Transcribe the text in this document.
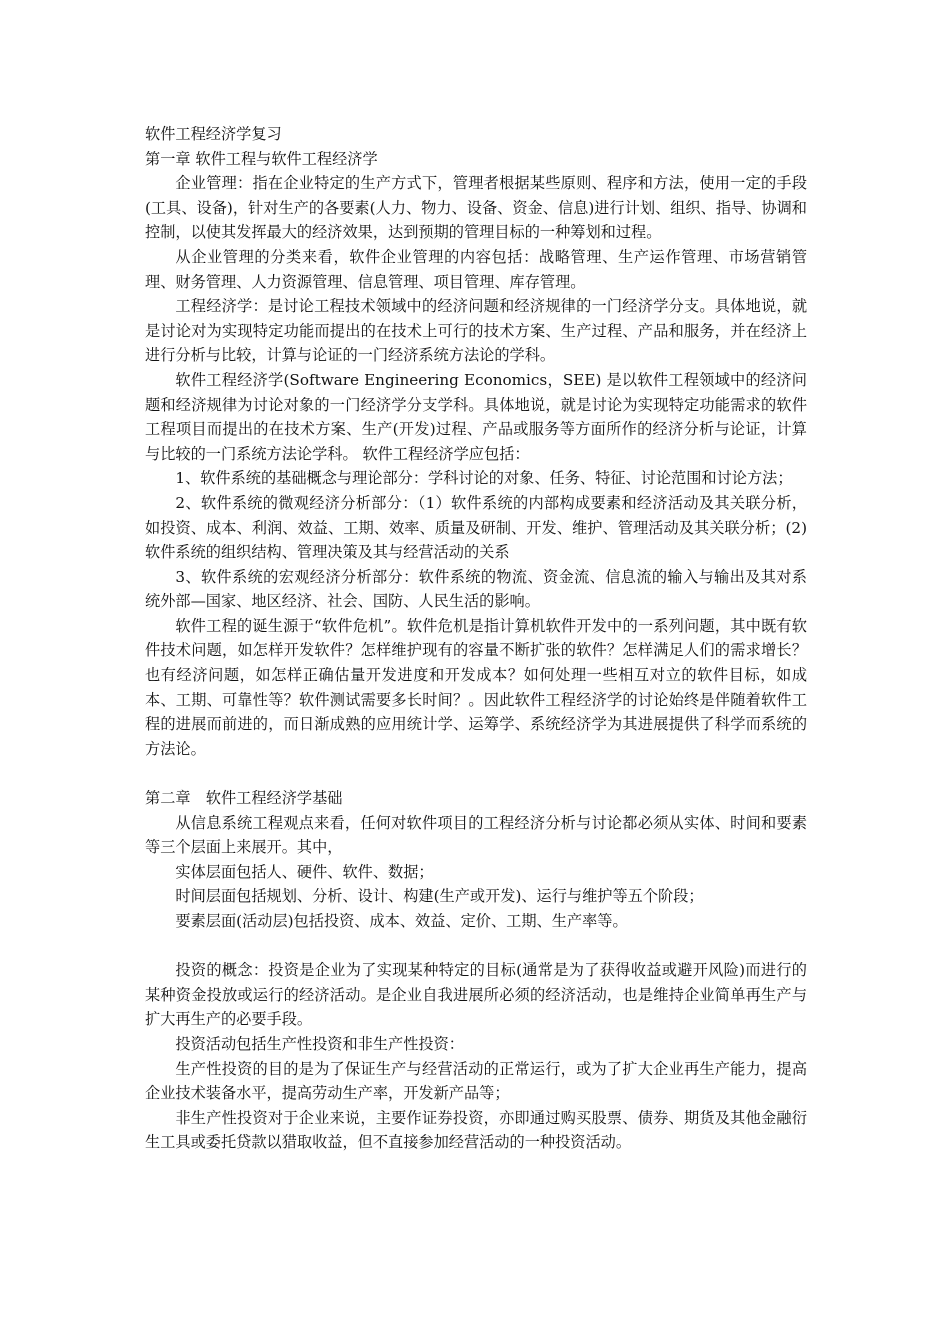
软件工程经济学复习

第一章 软件工程与软件工程经济学

企业管理：指在企业特定的生产方式下，管理者根据某些原则、程序和方法，使用一定的手段(工具、设备)，针对生产的各要素(人力、物力、设备、资金、信息)进行计划、组织、指导、协调和控制，以使其发挥最大的经济效果，达到预期的管理目标的一种筹划和过程。

从企业管理的分类来看，软件企业管理的内容包括：战略管理、生产运作管理、市场营销管理、财务管理、人力资源管理、信息管理、项目管理、库存管理。

工程经济学：是讨论工程技术领域中的经济问题和经济规律的一门经济学分支。具体地说，就是讨论对为实现特定功能而提出的在技术上可行的技术方案、生产过程、产品和服务，并在经济上进行分析与比较，计算与论证的一门经济系统方法论的学科。

软件工程经济学(Software Engineering Economics，SEE) 是以软件工程领域中的经济问题和经济规律为讨论对象的一门经济学分支学科。具体地说，就是讨论为实现特定功能需求的软件工程项目而提出的在技术方案、生产(开发)过程、产品或服务等方面所作的经济分析与论证，计算与比较的一门系统方法论学科。 软件工程经济学应包括：

1、软件系统的基础概念与理论部分：学科讨论的对象、任务、特征、讨论范围和讨论方法；

2、软件系统的微观经济分析部分：（1）软件系统的内部构成要素和经济活动及其关联分析，如投资、成本、利润、效益、工期、效率、质量及研制、开发、维护、管理活动及其关联分析；(2)软件系统的组织结构、管理决策及其与经营活动的关系

3、软件系统的宏观经济分析部分：软件系统的物流、资金流、信息流的输入与输出及其对系统外部—国家、地区经济、社会、国防、人民生活的影响。

软件工程的诞生源于“软件危机”。软件危机是指计算机软件开发中的一系列问题，其中既有软件技术问题，如怎样开发软件？怎样维护现有的容量不断扩张的软件？怎样满足人们的需求增长？也有经济问题，如怎样正确估量开发进度和开发成本？如何处理一些相互对立的软件目标，如成本、工期、可靠性等？软件测试需要多长时间？。因此软件工程经济学的讨论始终是伴随着软件工程的进展而前进的，而日渐成熟的应用统计学、运筹学、系统经济学为其进展提供了科学而系统的方法论。

第二章　软件工程经济学基础

从信息系统工程观点来看，任何对软件项目的工程经济分析与讨论都必须从实体、时间和要素等三个层面上来展开。其中，

实体层面包括人、硬件、软件、数据；

时间层面包括规划、分析、设计、构建(生产或开发)、运行与维护等五个阶段；

要素层面(活动层)包括投资、成本、效益、定价、工期、生产率等。

投资的概念：投资是企业为了实现某种特定的目标(通常是为了获得收益或避开风险)而进行的某种资金投放或运行的经济活动。是企业自我进展所必须的经济活动，也是维持企业简单再生产与扩大再生产的必要手段。

投资活动包括生产性投资和非生产性投资：

生产性投资的目的是为了保证生产与经营活动的正常运行，或为了扩大企业再生产能力，提高企业技术装备水平，提高劳动生产率，开发新产品等；

非生产性投资对于企业来说，主要作证券投资，亦即通过购买股票、债券、期货及其他金融衍生工具或委托贷款以猎取收益，但不直接参加经营活动的一种投资活动。
